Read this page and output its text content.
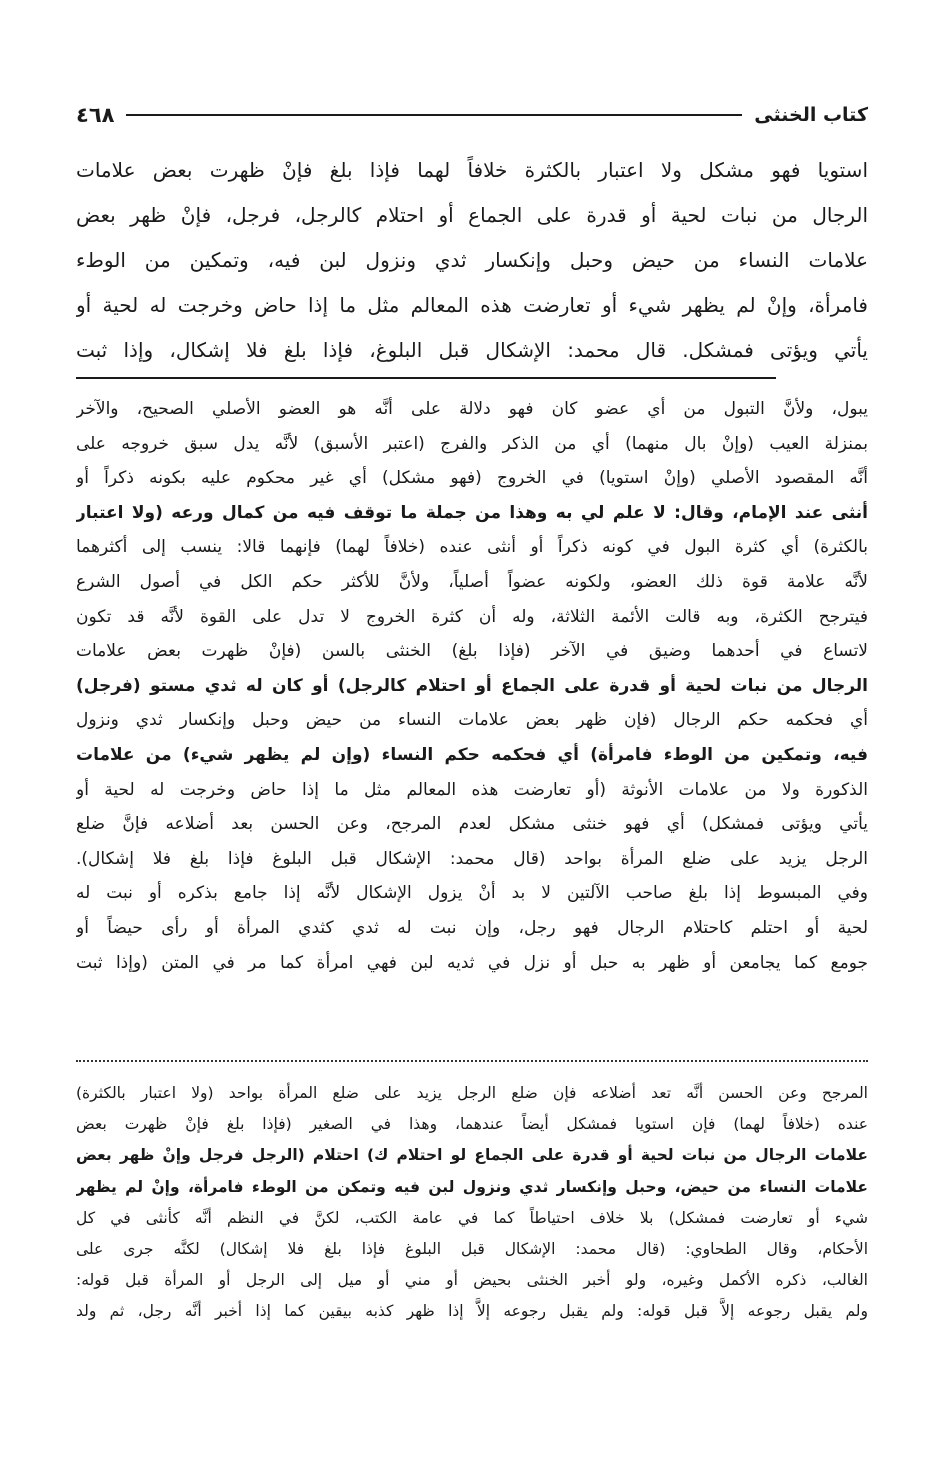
كتاب الخنثى
٤٦٨
استويا فهو مشكل ولا اعتبار بالكثرة خلافاً لهما فإذا بلغ فإنْ ظهرت بعض علامات
الرجال من نبات لحية أو قدرة على الجماع أو احتلام كالرجل، فرجل، فإنْ ظهر بعض
علامات النساء من حيض وحبل وإنكسار ثدي ونزول لبن فيه، وتمكين من الوطء
فامرأة، وإنْ لم يظهر شيء أو تعارضت هذه المعالم مثل ما إذا حاض وخرجت له لحية أو
يأتي ويؤتى فمشكل. قال محمد: الإشكال قبل البلوغ، فإذا بلغ فلا إشكال، وإذا ثبت
يبول، ولأنَّ التبول من أي عضو كان فهو دلالة على أنَّه هو العضو الأصلي الصحيح، والآخر
بمنزلة العيب (وإنْ بال منهما) أي من الذكر والفرج (اعتبر الأسبق) لأنَّه يدل سبق خروجه على
أنَّه المقصود الأصلي (وإنْ استويا) في الخروج (فهو مشكل) أي غير محكوم عليه بكونه ذكراً أو
أنثى عند الإمام، وقال: لا علم لي به وهذا من جملة ما توقف فيه من كمال ورعه (ولا اعتبار
بالكثرة) أي كثرة البول في كونه ذكراً أو أنثى عنده (خلافاً لهما) فإنهما قالا: ينسب إلى أكثرهما
لأنَّه علامة قوة ذلك العضو، ولكونه عضواً أصلياً، ولأنَّ للأكثر حكم الكل في أصول الشرع
فيترجح الكثرة، وبه قالت الأئمة الثلاثة، وله أن كثرة الخروج لا تدل على القوة لأنَّه قد تكون
لاتساع في أحدهما وضيق في الآخر (فإذا بلغ) الخنثى بالسن (فإنْ ظهرت بعض علامات
الرجال من نبات لحية أو قدرة على الجماع أو احتلام كالرجل) أو كان له ثدي مستو (فرجل)
أي فحكمه حكم الرجال (فإن ظهر بعض علامات النساء من حيض وحبل وإنكسار ثدي ونزول
فيه، وتمكين من الوطء فامرأة) أي فحكمه حكم النساء (وإن لم يظهر شيء) من علامات
الذكورة ولا من علامات الأنوثة (أو تعارضت هذه المعالم مثل ما إذا حاض وخرجت له لحية أو
يأتي ويؤتى فمشكل) أي فهو خنثى مشكل لعدم المرجح، وعن الحسن بعد أضلاعه فإنَّ ضلع
الرجل يزيد على ضلع المرأة بواحد (قال محمد: الإشكال قبل البلوغ فإذا بلغ فلا إشكال).
وفي المبسوط إذا بلغ صاحب الآلتين لا بد أنْ يزول الإشكال لأنَّه إذا جامع بذكره أو نبت له
لحية أو احتلم كاحتلام الرجال فهو رجل، وإن نبت له ثدي كثدي المرأة أو رأى حيضاً أو
جومع كما يجامعن أو ظهر به حبل أو نزل في ثديه لبن فهي امرأة كما مر في المتن (وإذا ثبت
المرجح وعن الحسن أنَّه تعد أضلاعه فإن ضلع الرجل يزيد على ضلع المرأة بواحد (ولا اعتبار بالكثرة)
عنده (خلافاً لهما) فإن استويا فمشكل أيضاً عندهما، وهذا في الصغير (فإذا بلغ فإنْ ظهرت بعض
علامات الرجال من نبات لحية أو قدرة على الجماع لو احتلام ك) احتلام (الرجل فرجل وإنْ ظهر بعض
علامات النساء من حيض، وحبل وإنكسار ثدي ونزول لبن فيه وتمكن من الوطء فامرأة، وإنْ لم يظهر
شيء أو تعارضت فمشكل) بلا خلاف احتياطاً كما في عامة الكتب، لكنَّ في النظم أنَّه كأنثى في كل
الأحكام، وقال الطحاوي: (قال محمد: الإشكال قبل البلوغ فإذا بلغ فلا إشكال) لكنَّه جرى على
الغالب، ذكره الأكمل وغيره، ولو أخبر الخنثى بحيض أو مني أو ميل إلى الرجل أو المرأة قبل قوله:
ولم يقبل رجوعه إلاَّ قبل قوله: ولم يقبل رجوعه إلاَّ إذا ظهر كذبه بيقين كما إذا أخبر أنَّه رجل، ثم ولد
